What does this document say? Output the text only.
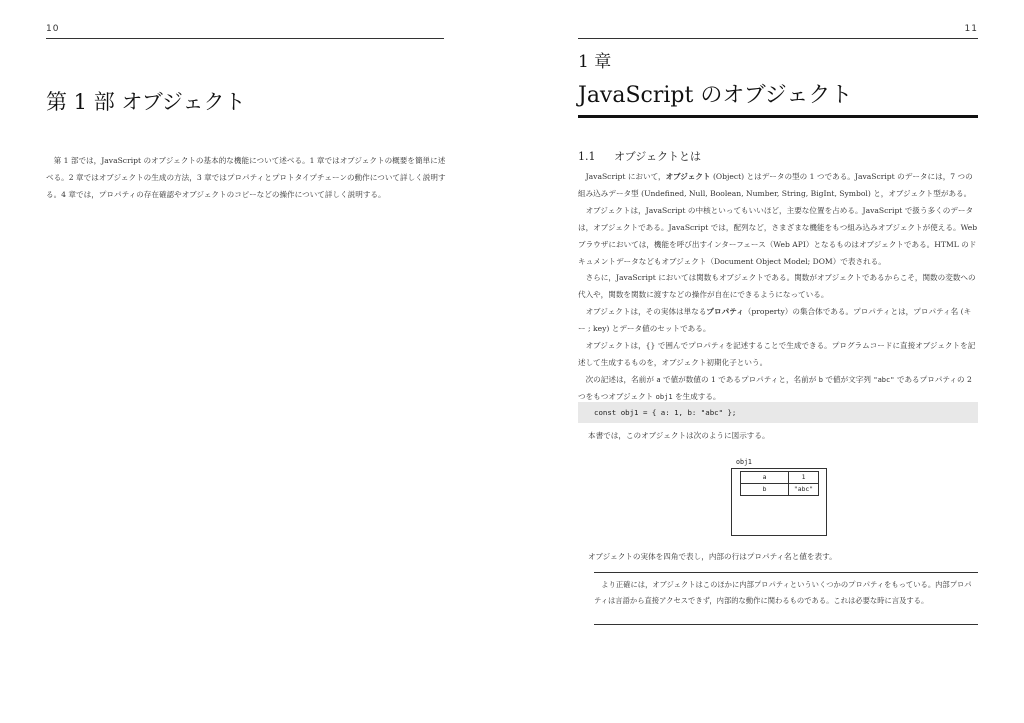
10
第 1 部 オブジェクト
第 1 部では，JavaScript のオブジェクトの基本的な機能について述べる。1 章ではオブジェクトの概要を簡単に述べる。2 章ではオブジェクトの生成の方法，3 章ではプロパティとプロトタイプチェーンの動作について詳しく説明する。4 章では，プロパティの存在確認やオブジェクトのコピーなどの操作について詳しく説明する。
11
1 章
JavaScript のオブジェクト
1.1 オブジェクトとは

JavaScript において，オブジェクト (Object) とはデータの型の 1 つである。JavaScript のデータには，7 つの組み込みデータ型 (Undefined, Null, Boolean, Number, String, BigInt, Symbol) と，オブジェクト型がある。

オブジェクトは，JavaScript の中核といってもいいほど，主要な位置を占める。JavaScript で扱う多くのデータは，オブジェクトである。JavaScript では，配列など，さまざまな機能をもつ組み込みオブジェクトが使える。Web ブラウザにおいては，機能を呼び出すインターフェース（Web API）となるものはオブジェクトである。HTML のドキュメントデータなどもオブジェクト（Document Object Model; DOM）で表される。

さらに，JavaScript においては関数もオブジェクトである。関数がオブジェクトであるからこそ，関数の変数への代入や，関数を関数に渡すなどの操作が自在にできるようになっている。

オブジェクトは，その実体は単なるプロパティ（property）の集合体である。プロパティとは，プロパティ名 (キー ; key) とデータ値のセットである。

オブジェクトは，{} で囲んでプロパティを記述することで生成できる。プログラムコードに直接オブジェクトを記述して生成するものを，オブジェクト初期化子という。

次の記述は，名前が a で値が数値の 1 であるプロパティと，名前が b で値が文字列 "abc" であるプロパティの 2 つをもつオブジェクト obj1 を生成する。

const obj1 = { a: 1, b: "abc" };
本書では，このオブジェクトは次のように図示する。
obj1
a	1
b	"abc"
オブジェクトの実体を四角で表し，内部の行はプロパティ名と値を表す。

より正確には，オブジェクトはこのほかに内部プロパティといういくつかのプロパティをもっている。内部プロパティは言語から直接アクセスできず，内部的な動作に関わるものである。これは必要な時に言及する。
